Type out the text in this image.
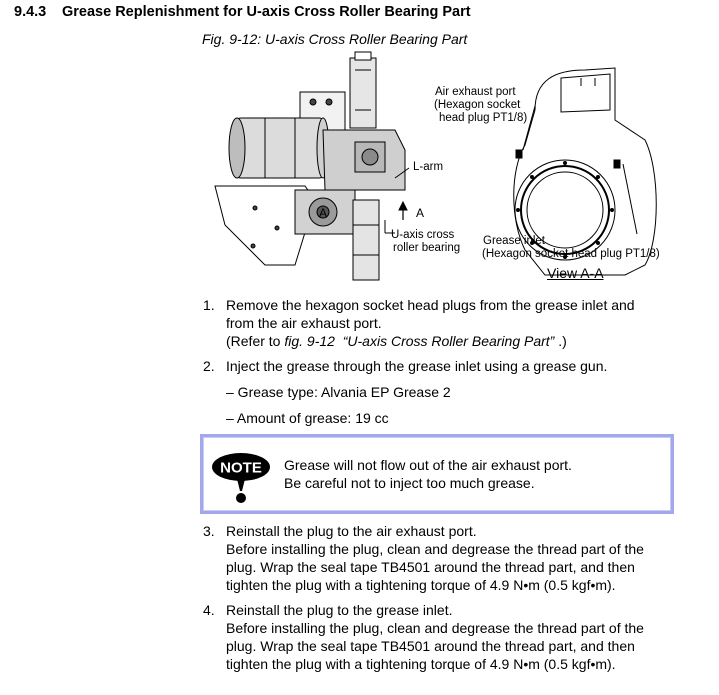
9.4.3 Grease Replenishment for U-axis Cross Roller Bearing Part
Fig. 9-12: U-axis Cross Roller Bearing Part
Air exhaust port
(Hexagon socket
head plug PT1/8)
L-arm
A	A
U-axis cross
roller bearing
Grease inlet
(Hexagon socket head plug PT1/8)
View A-A
1. Remove the hexagon socket head plugs from the grease inlet and
from the air exhaust port.
(Refer to fig. 9-12 “U-axis Cross Roller Bearing Part” .)
2. Inject the grease through the grease inlet using a grease gun.
– Grease type: Alvania EP Grease 2
– Amount of grease: 19 cc
NOTE Grease will not flow out of the air exhaust port.
Be careful not to inject too much grease.
3. Reinstall the plug to the air exhaust port.
Before installing the plug, clean and degrease the thread part of the
plug. Wrap the seal tape TB4501 around the thread part, and then
tighten the plug with a tightening torque of 4.9 N•m (0.5 kgf•m).
4. Reinstall the plug to the grease inlet.
Before installing the plug, clean and degrease the thread part of the
plug. Wrap the seal tape TB4501 around the thread part, and then
tighten the plug with a tightening torque of 4.9 N•m (0.5 kgf•m).
